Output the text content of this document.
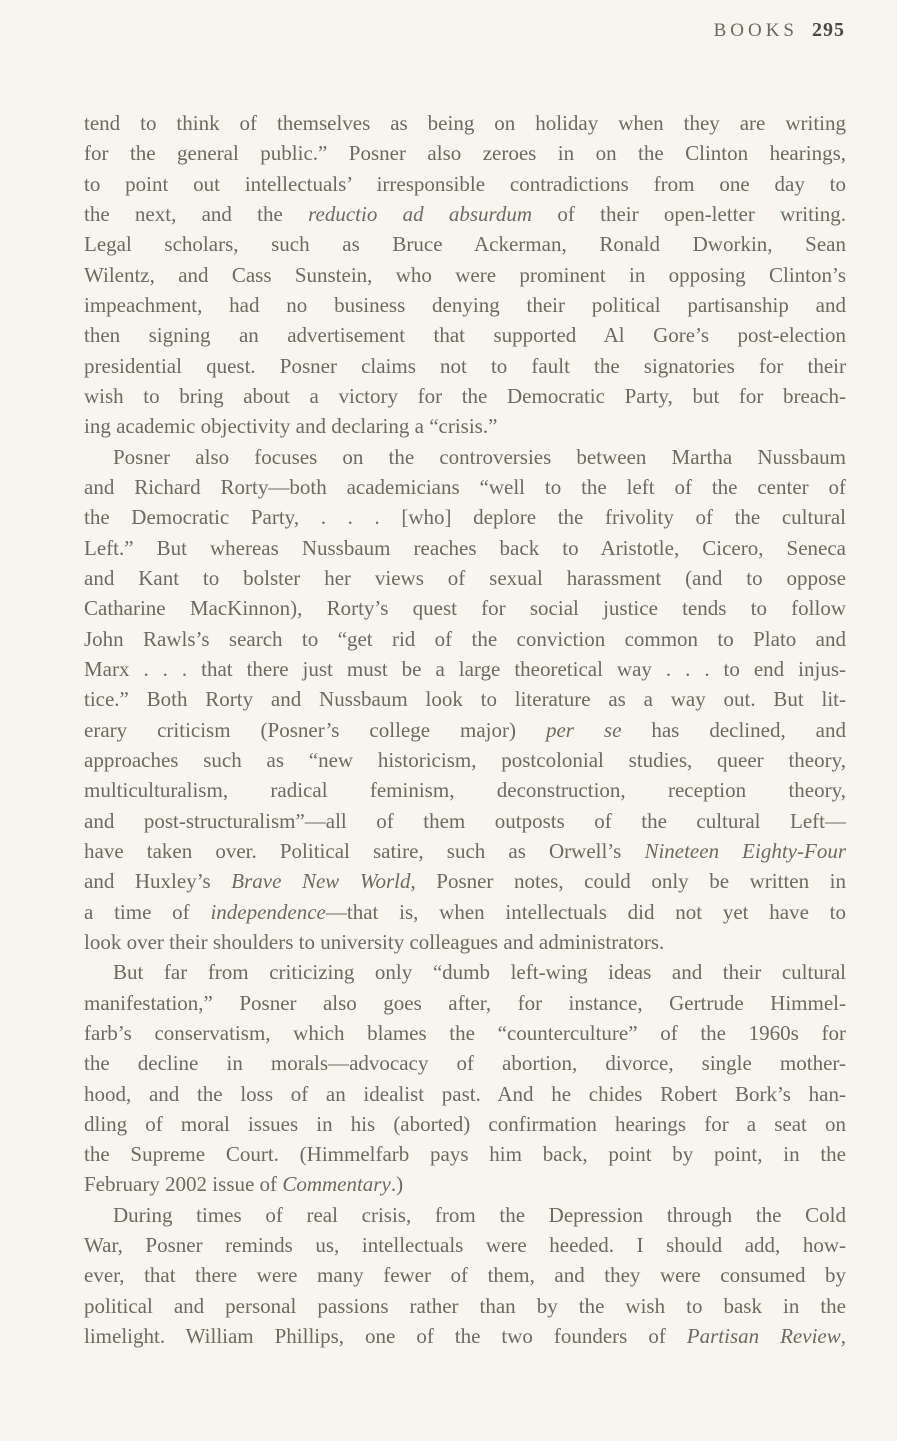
BOOKS 295
tend to think of themselves as being on holiday when they are writing
for the general public.” Posner also zeroes in on the Clinton hearings,
to point out intellectuals’ irresponsible contradictions from one day to
the next, and the reductio ad absurdum of their open-letter writing.
Legal scholars, such as Bruce Ackerman, Ronald Dworkin, Sean
Wilentz, and Cass Sunstein, who were prominent in opposing Clinton’s
impeachment, had no business denying their political partisanship and
then signing an advertisement that supported Al Gore’s post-election
presidential quest. Posner claims not to fault the signatories for their
wish to bring about a victory for the Democratic Party, but for breach-
ing academic objectivity and declaring a “crisis.”
Posner also focuses on the controversies between Martha Nussbaum
and Richard Rorty—both academicians “well to the left of the center of
the Democratic Party, . . . [who] deplore the frivolity of the cultural
Left.” But whereas Nussbaum reaches back to Aristotle, Cicero, Seneca
and Kant to bolster her views of sexual harassment (and to oppose
Catharine MacKinnon), Rorty’s quest for social justice tends to follow
John Rawls’s search to “get rid of the conviction common to Plato and
Marx . . . that there just must be a large theoretical way . . . to end injus-
tice.” Both Rorty and Nussbaum look to literature as a way out. But lit-
erary criticism (Posner’s college major) per se has declined, and
approaches such as “new historicism, postcolonial studies, queer theory,
multiculturalism, radical feminism, deconstruction, reception theory,
and post-structuralism”—all of them outposts of the cultural Left—
have taken over. Political satire, such as Orwell’s Nineteen Eighty-Four
and Huxley’s Brave New World, Posner notes, could only be written in
a time of independence—that is, when intellectuals did not yet have to
look over their shoulders to university colleagues and administrators.
But far from criticizing only “dumb left-wing ideas and their cultural
manifestation,” Posner also goes after, for instance, Gertrude Himmel-
farb’s conservatism, which blames the “counterculture” of the 1960s for
the decline in morals—advocacy of abortion, divorce, single mother-
hood, and the loss of an idealist past. And he chides Robert Bork’s han-
dling of moral issues in his (aborted) confirmation hearings for a seat on
the Supreme Court. (Himmelfarb pays him back, point by point, in the
February 2002 issue of Commentary.)
During times of real crisis, from the Depression through the Cold
War, Posner reminds us, intellectuals were heeded. I should add, how-
ever, that there were many fewer of them, and they were consumed by
political and personal passions rather than by the wish to bask in the
limelight. William Phillips, one of the two founders of Partisan Review,
